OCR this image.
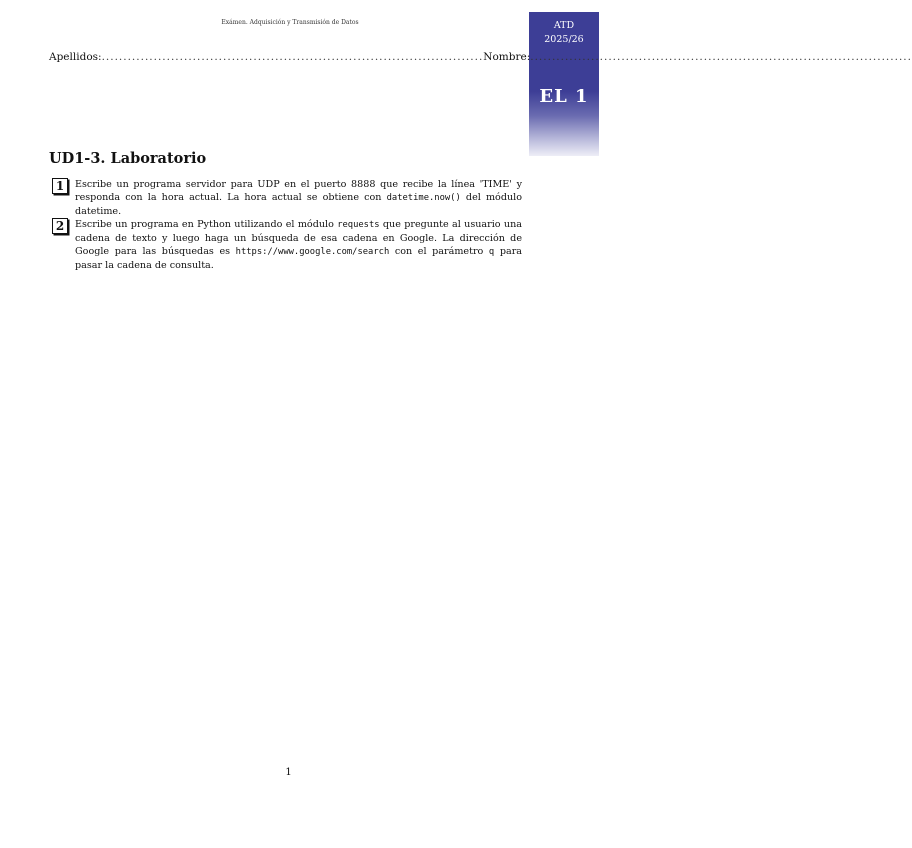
Exámen. Adquisición y Transmisión de Datos	ATD
2025/26
EL 1
Apellidos: ........................................................................................ Nombre: ........................................................................................
UD1-3. Laboratorio
1	Escribe un programa servidor para UDP en el puerto 8888 que recibe la línea 'TIME' y responda con la hora actual. La hora actual se obtiene con datetime.now() del módulo datetime.
2	Escribe un programa en Python utilizando el módulo requests que pregunte al usuario una cadena de texto y luego haga un búsqueda de esa cadena en Google. La dirección de Google para las búsquedas es https://www.google.com/search con el parámetro q para pasar la cadena de consulta.
1
